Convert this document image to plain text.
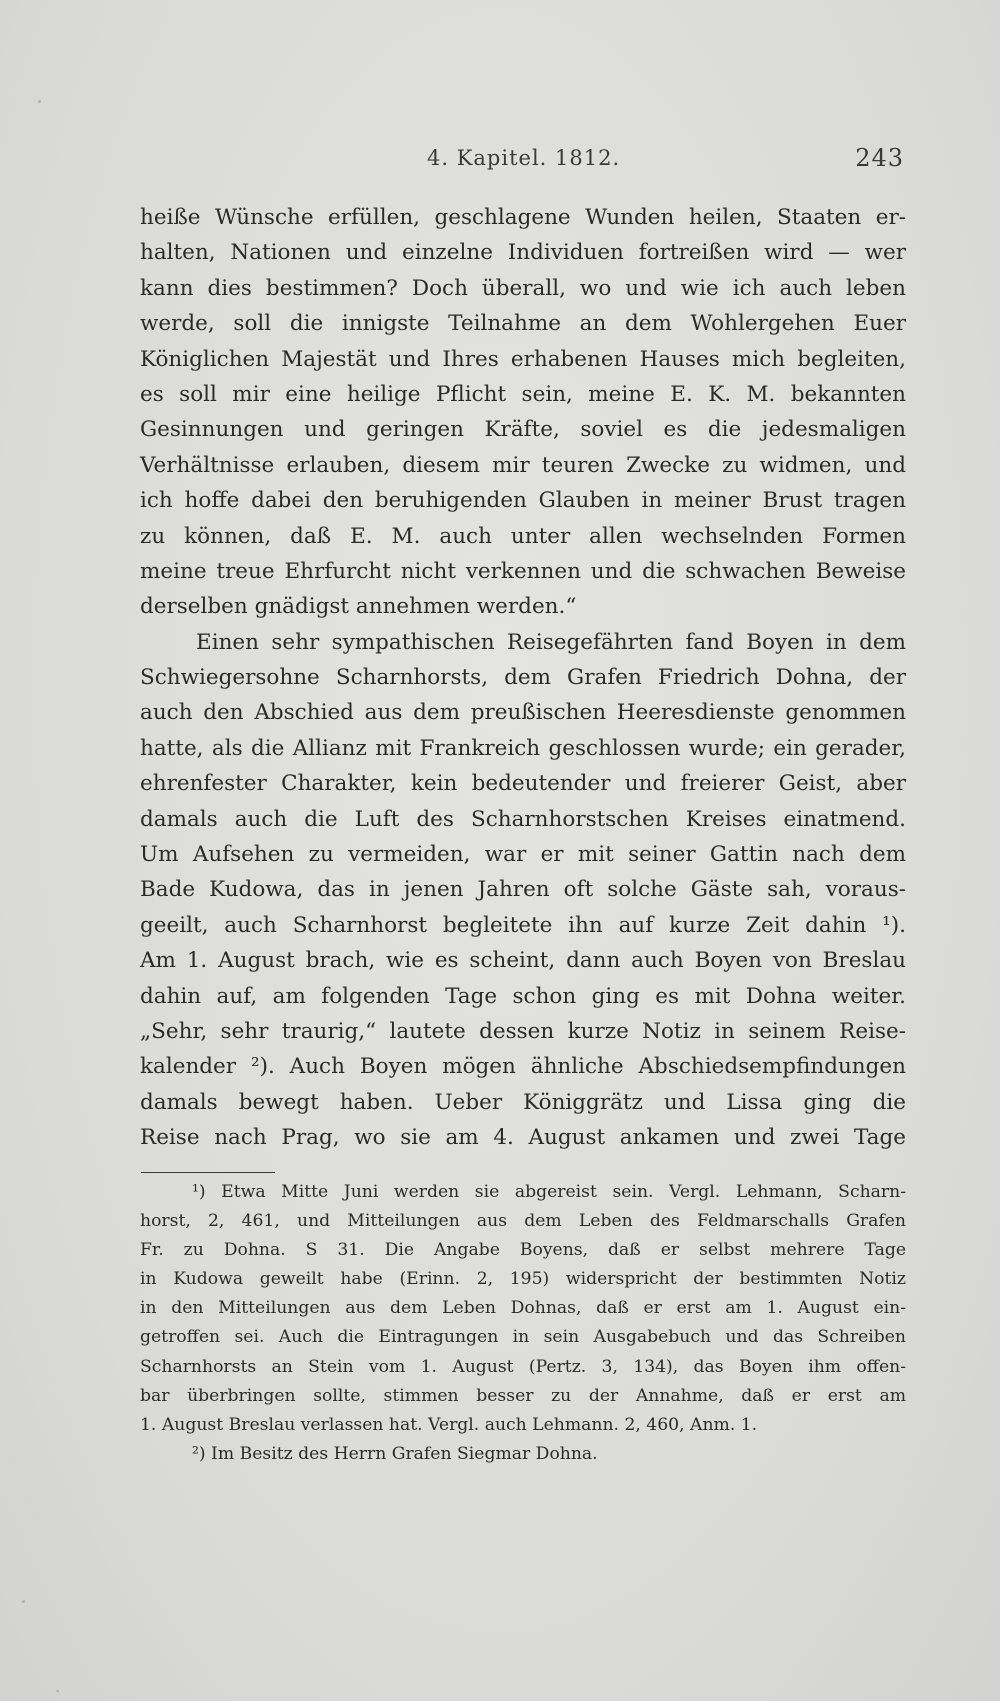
4. Kapitel. 1812.	243
heiße Wünsche erfüllen, geschlagene Wunden heilen, Staaten er-
halten, Nationen und einzelne Individuen fortreißen wird — wer
kann dies bestimmen? Doch überall, wo und wie ich auch leben
werde, soll die innigste Teilnahme an dem Wohlergehen Euer
Königlichen Majestät und Ihres erhabenen Hauses mich begleiten,
es soll mir eine heilige Pflicht sein, meine E. K. M. bekannten
Gesinnungen und geringen Kräfte, soviel es die jedesmaligen
Verhältnisse erlauben, diesem mir teuren Zwecke zu widmen, und
ich hoffe dabei den beruhigenden Glauben in meiner Brust tragen
zu können, daß E. M. auch unter allen wechselnden Formen
meine treue Ehrfurcht nicht verkennen und die schwachen Beweise
derselben gnädigst annehmen werden.“
Einen sehr sympathischen Reisegefährten fand Boyen in dem
Schwiegersohne Scharnhorsts, dem Grafen Friedrich Dohna, der
auch den Abschied aus dem preußischen Heeresdienste genommen
hatte, als die Allianz mit Frankreich geschlossen wurde; ein gerader,
ehrenfester Charakter, kein bedeutender und freierer Geist, aber
damals auch die Luft des Scharnhorstschen Kreises einatmend.
Um Aufsehen zu vermeiden, war er mit seiner Gattin nach dem
Bade Kudowa, das in jenen Jahren oft solche Gäste sah, voraus-
geeilt, auch Scharnhorst begleitete ihn auf kurze Zeit dahin ¹).
Am 1. August brach, wie es scheint, dann auch Boyen von Breslau
dahin auf, am folgenden Tage schon ging es mit Dohna weiter.
„Sehr, sehr traurig,“ lautete dessen kurze Notiz in seinem Reise-
kalender ²). Auch Boyen mögen ähnliche Abschiedsempfindungen
damals bewegt haben. Ueber Königgrätz und Lissa ging die
Reise nach Prag, wo sie am 4. August ankamen und zwei Tage
¹) Etwa Mitte Juni werden sie abgereist sein. Vergl. Lehmann, Scharn-
horst, 2, 461, und Mitteilungen aus dem Leben des Feldmarschalls Grafen
Fr. zu Dohna. S 31. Die Angabe Boyens, daß er selbst mehrere Tage
in Kudowa geweilt habe (Erinn. 2, 195) widerspricht der bestimmten Notiz
in den Mitteilungen aus dem Leben Dohnas, daß er erst am 1. August ein-
getroffen sei. Auch die Eintragungen in sein Ausgabebuch und das Schreiben
Scharnhorsts an Stein vom 1. August (Pertz. 3, 134), das Boyen ihm offen-
bar überbringen sollte, stimmen besser zu der Annahme, daß er erst am
1. August Breslau verlassen hat. Vergl. auch Lehmann. 2, 460, Anm. 1.
²) Im Besitz des Herrn Grafen Siegmar Dohna.
